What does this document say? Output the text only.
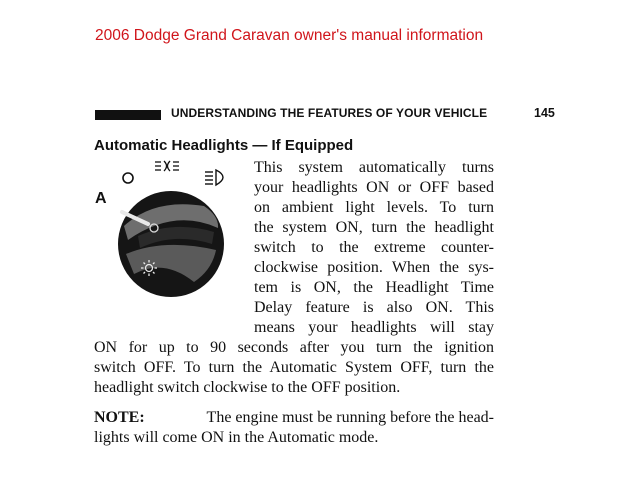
2006 Dodge Grand Caravan owner's manual information
UNDERSTANDING THE FEATURES OF YOUR VEHICLE	145
Automatic Headlights — If Equipped
A
This system automatically turns
your headlights ON or OFF based
on ambient light levels. To turn
the system ON, turn the headlight
switch to the extreme counter-
clockwise position. When the sys-
tem is ON, the Headlight Time
Delay feature is also ON. This
means your headlights will stay
ON for up to 90 seconds after you turn the ignition
switch OFF. To turn the Automatic System OFF, turn the
headlight switch clockwise to the OFF position.
NOTE:	The engine must be running before the head-
lights will come ON in the Automatic mode.
